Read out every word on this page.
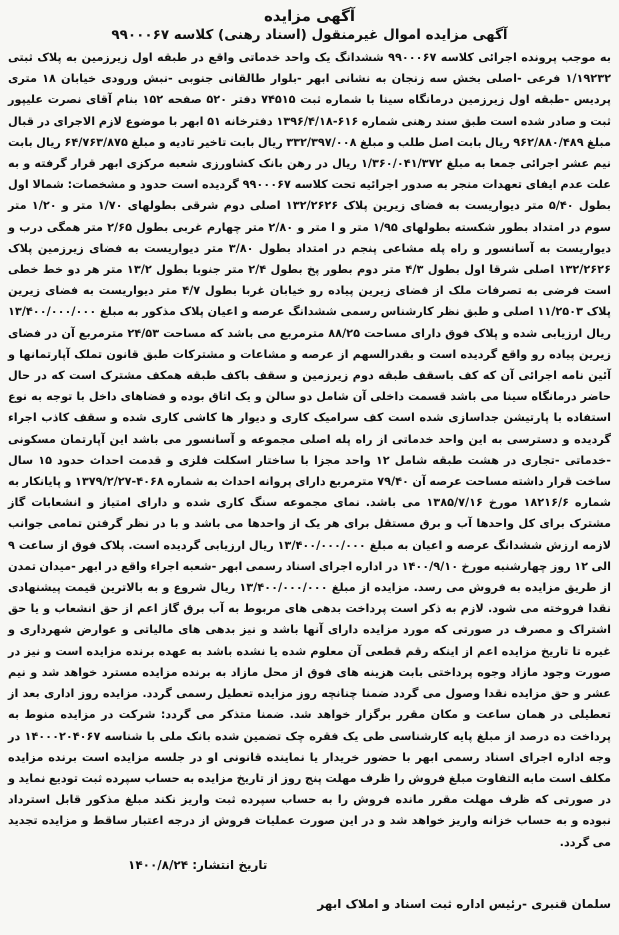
آگهی مزایده
آگهی مزایده اموال غیرمنقول (اسناد رهنی) کلاسه ۹۹۰۰۰۶۷

به موجب پرونده اجرائی کلاسه ۹۹۰۰۰۶۷ ششدانگ یک واحد خدماتی واقع در طبقه اول زیرزمین به پلاک ثبتی ۱/۱۹۲۳۲ فرعی -اصلی بخش سه زنجان به نشانی ابهر -بلوار طالقانی جنوبی -نبش ورودی خیابان ۱۸ متری پردیس -طبقه اول زیرزمین درمانگاه سینا با شماره ثبت ۷۴۵۱۵ دفتر ۵۲۰ صفحه ۱۵۲ بنام آقای نصرت علیپور ثبت و صادر شده است طبق سند رهنی شماره ۶۱۶-۱۳۹۶/۴/۱۸ دفترخانه ۵۱ ابهر با موضوع لازم الاجرای در قبال مبلغ ۹۶۲/۸۸۰/۴۸۹ ریال بابت اصل طلب و مبلغ ۳۳۲/۳۹۷/۰۰۸ ریال بابت تاخیر تادیه و مبلغ ۶۴/۷۶۳/۸۷۵ ریال بابت نیم عشر اجرائی جمعا به مبلغ ۱/۳۶۰/۰۴۱/۳۷۲ ریال در رهن بانک کشاورزی شعبه مرکزی ابهر قرار گرفته و به علت عدم ایفای تعهدات منجر به صدور اجرائیه تحت کلاسه ۹۹۰۰۰۶۷ گردیده است حدود و مشخصات: شمالا اول بطول ۵/۴۰ متر دیواریست به فضای زیرین پلاک ۱۳۲/۲۶۲۶ اصلی دوم شرقی بطولهای ۱/۷۰ متر و ۱/۲۰ متر سوم در امتداد بطور شکسته بطولهای ۱/۹۵ متر و ا متر و ۲/۸۰ متر چهارم غربی بطول ۲/۶۵ متر همگی درب و دیواریست به آسانسور و راه پله مشاعی پنجم در امتداد بطول ۳/۸۰ متر دیواریست به فضای زیرزمین پلاک ۱۳۲/۲۶۲۶ اصلی شرقا اول بطول ۴/۳ متر دوم بطور پخ بطول ۲/۴ متر جنوبا بطول ۱۳/۲ متر هر دو خط خطی است فرضی به تصرفات ملک از فضای زیرین پیاده رو خیابان غربا بطول ۴/۷ متر دیواریست به فضای زیرین پلاک ۱۱/۲۵۰۳ اصلی و طبق نظر کارشناس رسمی ششدانگ عرصه و اعیان پلاک مذکور به مبلغ ۱۳/۴۰۰/۰۰۰/۰۰۰ ریال ارزیابی شده و پلاک فوق دارای مساحت ۸۸/۲۵ مترمربع می باشد که مساحت ۲۴/۵۳ مترمربع آن در فضای زیرین پیاده رو واقع گردیده است و بقدرالسهم از عرصه و مشاعات و مشترکات طبق قانون تملک آپارتمانها و آئین نامه اجرائی آن که کف باسقف طبقه دوم زیرزمین و سقف باکف طبقه همکف مشترک است که در حال حاضر درمانگاه سینا می باشد قسمت داخلی آن شامل دو سالن و یک اتاق بوده و فضاهای داخل با توجه به نوع استفاده با پارتیشن جداسازی شده است کف سرامیک کاری و دیوار ها کاشی کاری شده و سقف کاذب اجراء گردیده و دسترسی به این واحد خدماتی از راه پله اصلی مجموعه و آسانسور می باشد این آپارتمان مسکونی -خدماتی -تجاری در هشت طبقه شامل ۱۲ واحد مجزا با ساختار اسکلت فلزی و قدمت احداث حدود ۱۵ سال ساخت قرار داشته مساحت عرصه آن ۷۹/۴۰ مترمربع دارای پروانه احداث به شماره ۴۰۶۸-۱۳۷۹/۲/۲۷ و پایانکار به شماره ۱۸۲۱۶/۶ مورخ ۱۳۸۵/۷/۱۶ می باشد. نمای مجموعه سنگ کاری شده و دارای امتیاز و انشعابات گاز مشترک برای کل واحدها آب و برق مستقل برای هر یک از واحدها می باشد و با در نظر گرفتن تمامی جوانب لازمه ارزش ششدانگ عرصه و اعیان به مبلغ ۱۳/۴۰۰/۰۰۰/۰۰۰ ریال ارزیابی گردیده است. پلاک فوق از ساعت ۹ الی ۱۲ روز چهارشنبه مورخ ۱۴۰۰/۹/۱۰ در اداره اجرای اسناد رسمی ابهر -شعبه اجراء واقع در ابهر -میدان تمدن از طریق مزایده به فروش می رسد. مزایده از مبلغ ۱۳/۴۰۰/۰۰۰/۰۰۰ ریال شروع و به بالاترین قیمت پیشنهادی نقدا فروخته می شود. لازم به ذکر است پرداخت بدهی های مربوط به آب برق گاز اعم از حق انشعاب و یا حق اشتراک و مصرف در صورتی که مورد مزایده دارای آنها باشد و نیز بدهی های مالیاتی و عوارض شهرداری و غیره تا تاریخ مزایده اعم از اینکه رقم قطعی آن معلوم شده یا نشده باشد به عهده برنده مزایده است و نیز در صورت وجود مازاد وجوه پرداختی بابت هزینه های فوق از محل مازاد به برنده مزایده مسترد خواهد شد و نیم عشر و حق مزایده نقدا وصول می گردد ضمنا چنانچه روز مزایده تعطیل رسمی گردد. مزایده روز اداری بعد از تعطیلی در همان ساعت و مکان مقرر برگزار خواهد شد. ضمنا متذکر می گردد: شرکت در مزایده منوط به پرداخت ده درصد از مبلغ پایه کارشناسی طی یک فقره چک تضمین شده بانک ملی با شناسه ۱۴۰۰۰۲۰۴۰۶۷ در وجه اداره اجرای اسناد رسمی ابهر با حضور خریدار یا نماینده قانونی او در جلسه مزایده است برنده مزایده مکلف است مابه التفاوت مبلغ فروش را ظرف مهلت پنج روز از تاریخ مزایده به حساب سپرده ثبت تودیع نماید و در صورتی که ظرف مهلت مقرر مانده فروش را به حساب سپرده ثبت واریز نکند مبلغ مذکور قابل استرداد نبوده و به حساب خزانه واریز خواهد شد و در این صورت عملیات فروش از درجه اعتبار ساقط و مزایده تجدید می گردد.

تاریخ انتشار: ۱۴۰۰/۸/۲۴
سلمان قنبری -رئیس اداره ثبت اسناد و املاک ابهر
